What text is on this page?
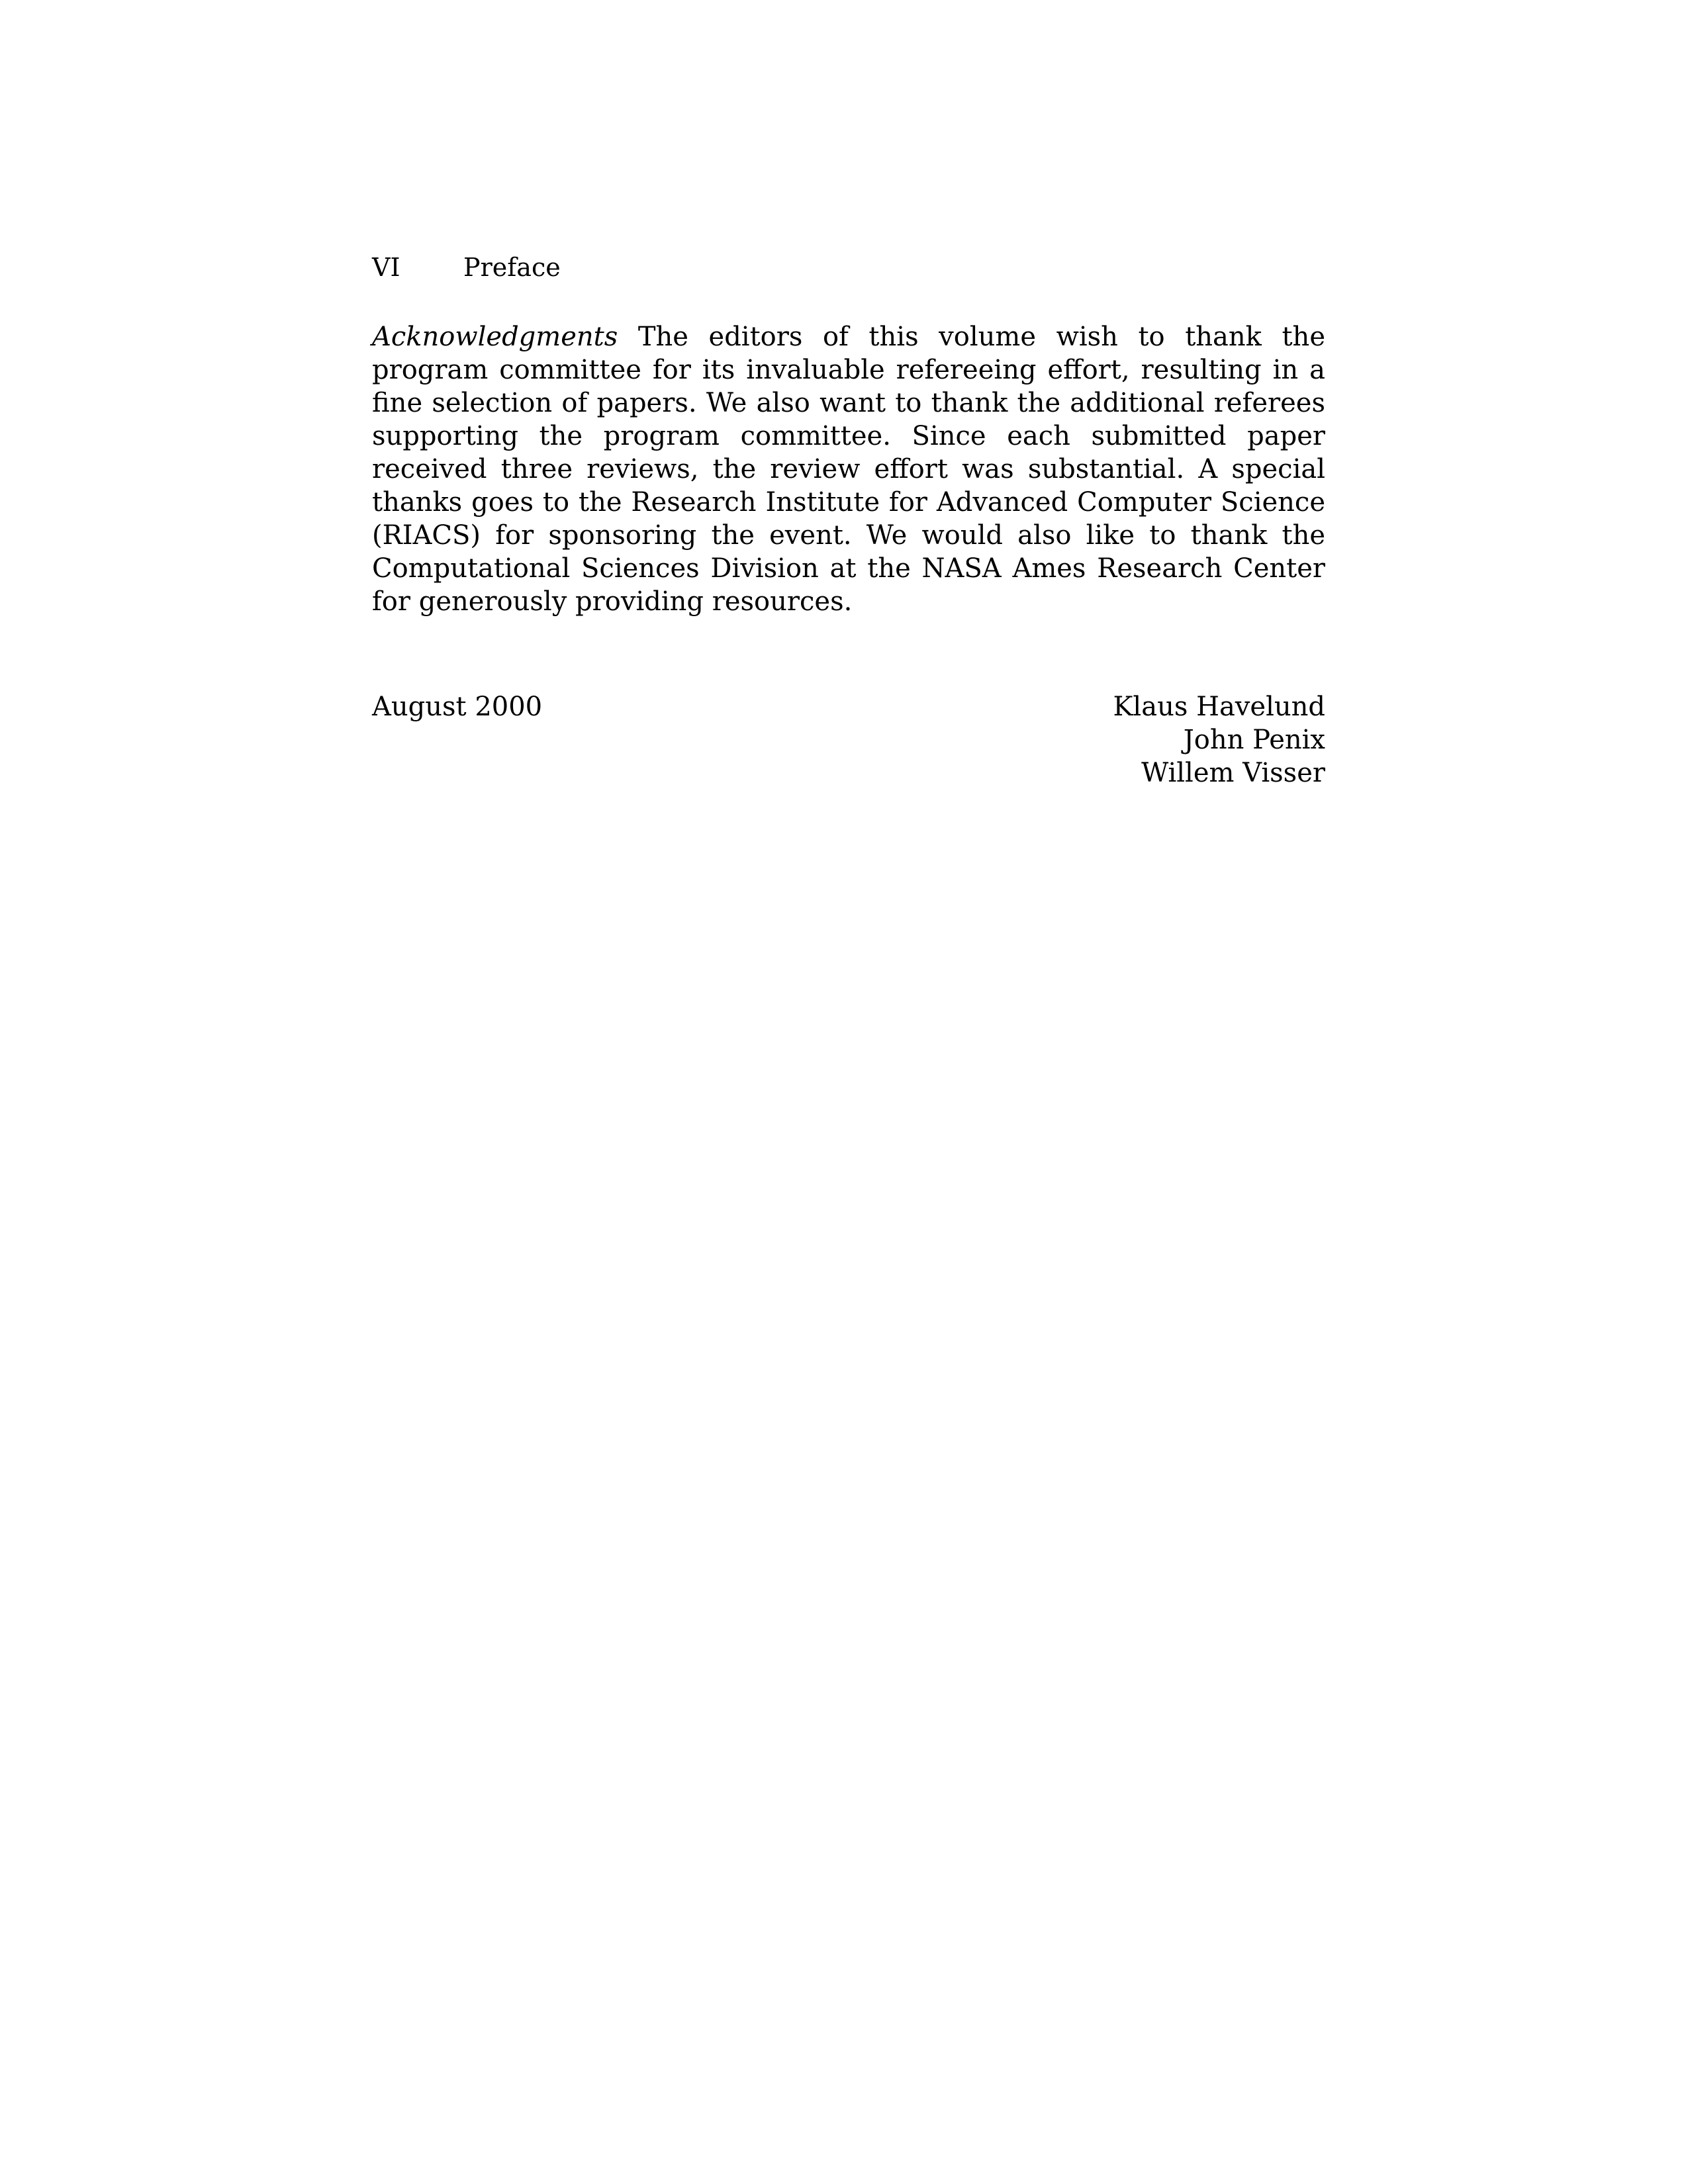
VI	Preface

Acknowledgments The editors of this volume wish to thank the program committee for its invaluable refereeing effort, resulting in a fine selection of papers. We also want to thank the additional referees supporting the program committee. Since each submitted paper received three reviews, the review effort was substantial. A special thanks goes to the Research Institute for Advanced Computer Science (RIACS) for sponsoring the event. We would also like to thank the Computational Sciences Division at the NASA Ames Research Center for generously providing resources.

August 2000	Klaus Havelund
John Penix
Willem Visser
